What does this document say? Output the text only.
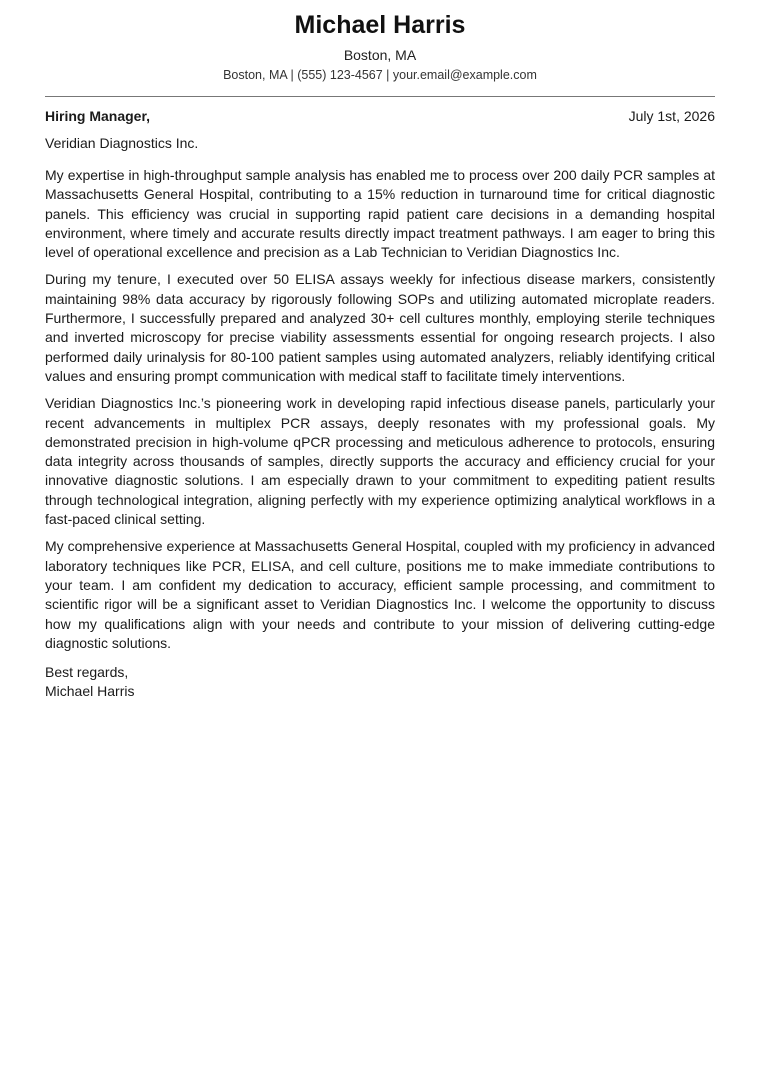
Michael Harris
Boston, MA
Boston, MA | (555) 123-4567 | your.email@example.com
Hiring Manager,	July 1st, 2026
Veridian Diagnostics Inc.

My expertise in high-throughput sample analysis has enabled me to process over 200 daily PCR samples at Massachusetts General Hospital, contributing to a 15% reduction in turnaround time for critical diagnostic panels. This efficiency was crucial in supporting rapid patient care decisions in a demanding hospital environment, where timely and accurate results directly impact treatment pathways. I am eager to bring this level of operational excellence and precision as a Lab Technician to Veridian Diagnostics Inc.

During my tenure, I executed over 50 ELISA assays weekly for infectious disease markers, consistently maintaining 98% data accuracy by rigorously following SOPs and utilizing automated microplate readers. Furthermore, I successfully prepared and analyzed 30+ cell cultures monthly, employing sterile techniques and inverted microscopy for precise viability assessments essential for ongoing research projects. I also performed daily urinalysis for 80-100 patient samples using automated analyzers, reliably identifying critical values and ensuring prompt communication with medical staff to facilitate timely interventions.

Veridian Diagnostics Inc.’s pioneering work in developing rapid infectious disease panels, particularly your recent advancements in multiplex PCR assays, deeply resonates with my professional goals. My demonstrated precision in high-volume qPCR processing and meticulous adherence to protocols, ensuring data integrity across thousands of samples, directly supports the accuracy and efficiency crucial for your innovative diagnostic solutions. I am especially drawn to your commitment to expediting patient results through technological integration, aligning perfectly with my experience optimizing analytical workflows in a fast-paced clinical setting.

My comprehensive experience at Massachusetts General Hospital, coupled with my proficiency in advanced laboratory techniques like PCR, ELISA, and cell culture, positions me to make immediate contributions to your team. I am confident my dedication to accuracy, efficient sample processing, and commitment to scientific rigor will be a significant asset to Veridian Diagnostics Inc. I welcome the opportunity to discuss how my qualifications align with your needs and contribute to your mission of delivering cutting-edge diagnostic solutions.

Best regards,
Michael Harris
